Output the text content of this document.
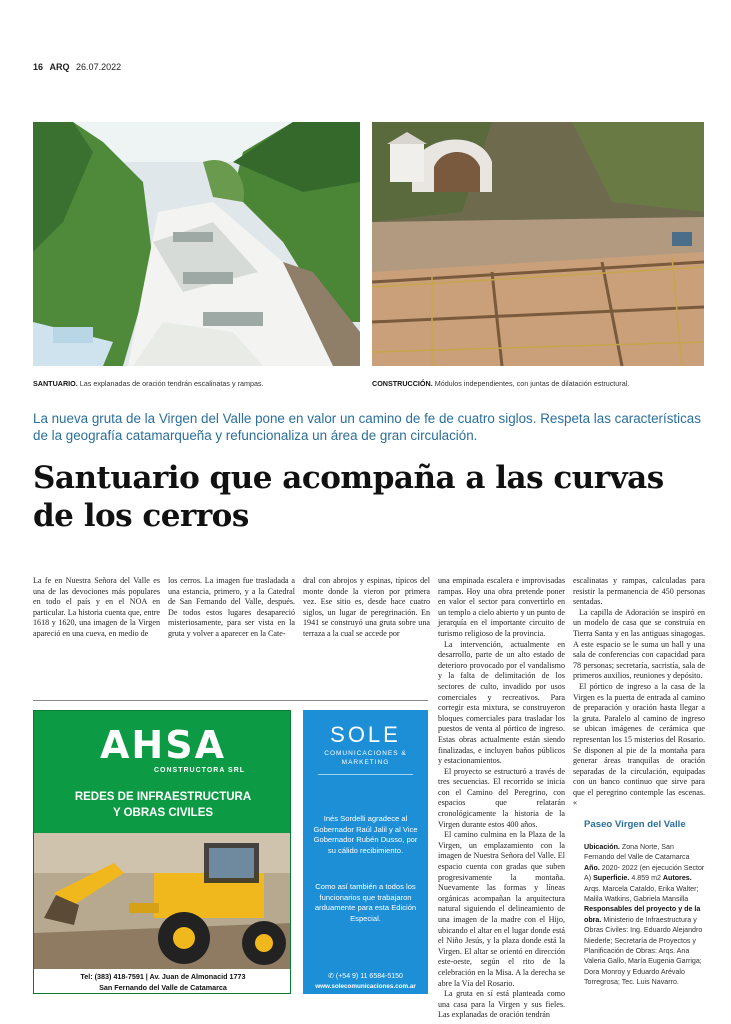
16 ARQ 26.07.2022
SANTUARIO. Las explanadas de oración tendrán escalinatas y rampas.	CONSTRUCCIÓN. Módulos independientes, con juntas de dilatación estructural.
La nueva gruta de la Virgen del Valle pone en valor un camino de fe de cuatro siglos. Respeta las características de la geografía catamarqueña y refuncionaliza un área de gran circulación.
Santuario que acompaña a las curvas de los cerros

La fe en Nuestra Señora del Valle es una de las devociones más populares en todo el país y en el NOA en particular. La historia cuenta que, entre 1618 y 1620, una imagen de la Virgen apareció en una cueva, en medio de

los cerros. La imagen fue trasladada a una estancia, primero, y a la Catedral de San Fernando del Valle, después. De todos estos lugares desapareció misteriosamente, para ser vista en la gruta y volver a aparecer en la Cate-

dral con abrojos y espinas, típicos del monte donde la vieron por primera vez. Ese sitio es, desde hace cuatro siglos, un lugar de peregrinación. En 1941 se construyó una gruta sobre una terraza a la cual se accede por

una empinada escalera e improvisadas rampas. Hoy una obra pretende poner en valor el sector para convertirlo en un templo a cielo abierto y un punto de jerarquía en el importante circuito de turismo religioso de la provincia.

La intervención, actualmente en desarrollo, parte de un alto estado de deterioro provocado por el vandalismo y la falta de delimitación de los sectores de culto, invadido por usos comerciales y recreativos. Para corregir esta mixtura, se construyeron bloques comerciales para trasladar los puestos de venta al pórtico de ingreso. Estas obras actualmente están siendo finalizadas, e incluyen baños públicos y estacionamientos.

El proyecto se estructuró a través de tres secuencias. El recorrido se inicia con el Camino del Peregrino, con espacios que relatarán cronológicamente la historia de la Virgen durante estos 400 años.

El camino culmina en la Plaza de la Virgen, un emplazamiento con la imagen de Nuestra Señora del Valle. El espacio cuenta con gradas que suben progresivamente la montaña. Nuevamente las formas y líneas orgánicas acompañan la arquitectura natural siguiendo el delineamiento de una imagen de la madre con el Hijo, ubicando el altar en el lugar donde está el Niño Jesús, y la plaza donde está la Virgen. El altar se orientó en dirección este-oeste, según el rito de la celebración en la Misa. A la derecha se abre la Vía del Rosario.

La gruta en sí está planteada como una casa para la Virgen y sus fieles. Las explanadas de oración tendrán

escalinatas y rampas, calculadas para resistir la permanencia de 450 personas sentadas.

La capilla de Adoración se inspiró en un modelo de casa que se construía en Tierra Santa y en las antiguas sinagogas. A este espacio se le suma un hall y una sala de conferencias con capacidad para 78 personas; secretaría, sacristía, sala de primeros auxilios, reuniones y depósito.

El pórtico de ingreso a la casa de la Virgen es la puerta de entrada al camino de preparación y oración hasta llegar a la gruta. Paralelo al camino de ingreso se ubican imágenes de cerámica que representan los 15 misterios del Rosario. Se disponen al pie de la montaña para generar áreas tranquilas de oración separadas de la circulación, equipadas con un banco continuo que sirve para que el peregrino contemple las escenas. «

AHSA
CONSTRUCTORA SRL
REDES DE INFRAESTRUCTURA
Y OBRAS CIVILES
Tel: (383) 418-7591 | Av. Juan de Almonacid 1773
San Fernando del Valle de Catamarca
SOLE
COMUNICACIONES &
MARKETING
Inés Sordelli agradece al Gobernador Raúl Jalil y al Vice Gobernador Rubén Dusso, por su cálido recibimiento.
Como así también a todos los funcionarios que trabajaron arduamente para esta Edición Especial.
✆ (+54 9) 11 6584-5150
www.solecomunicaciones.com.ar
Paseo Virgen del Valle
Ubicación. Zona Norte, San Fernando del Valle de Catamarca Año. 2020- 2022 (en ejecución Sector A) Superficie. 4.859 m2 Autores. Arqs. Marcela Cataldo, Erika Walter; Malila Watkins, Gabriela Mansilla Responsables del proyecto y de la obra. Ministerio de Infraestructura y Obras Civiles: Ing. Eduardo Alejandro Niederle; Secretaría de Proyectos y Planificación de Obras: Arqs. Ana Valeria Gallo, María Eugenia Garriga; Dora Monroy y Eduardo Arévalo Torregrosa; Tec. Luis Navarro.
